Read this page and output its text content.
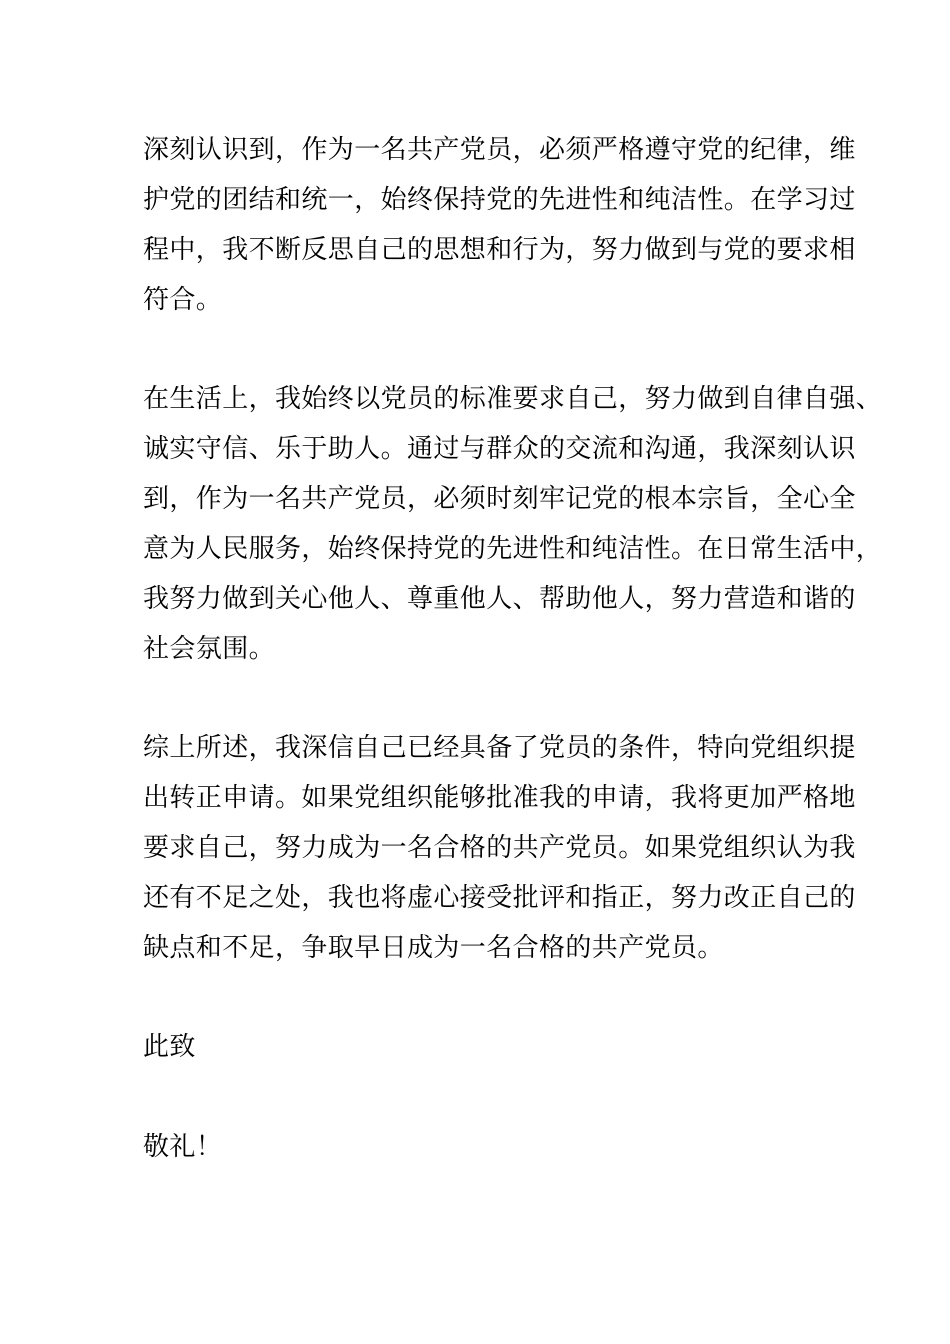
深刻认识到，作为一名共产党员，必须严格遵守党的纪律，维
护党的团结和统一，始终保持党的先进性和纯洁性。在学习过
程中，我不断反思自己的思想和行为，努力做到与党的要求相
符合。
在生活上，我始终以党员的标准要求自己，努力做到自律自强、
诚实守信、乐于助人。通过与群众的交流和沟通，我深刻认识
到，作为一名共产党员，必须时刻牢记党的根本宗旨，全心全
意为人民服务，始终保持党的先进性和纯洁性。在日常生活中，
我努力做到关心他人、尊重他人、帮助他人，努力营造和谐的
社会氛围。
综上所述，我深信自己已经具备了党员的条件，特向党组织提
出转正申请。如果党组织能够批准我的申请，我将更加严格地
要求自己，努力成为一名合格的共产党员。如果党组织认为我
还有不足之处，我也将虚心接受批评和指正，努力改正自己的
缺点和不足，争取早日成为一名合格的共产党员。
此致
敬礼！
